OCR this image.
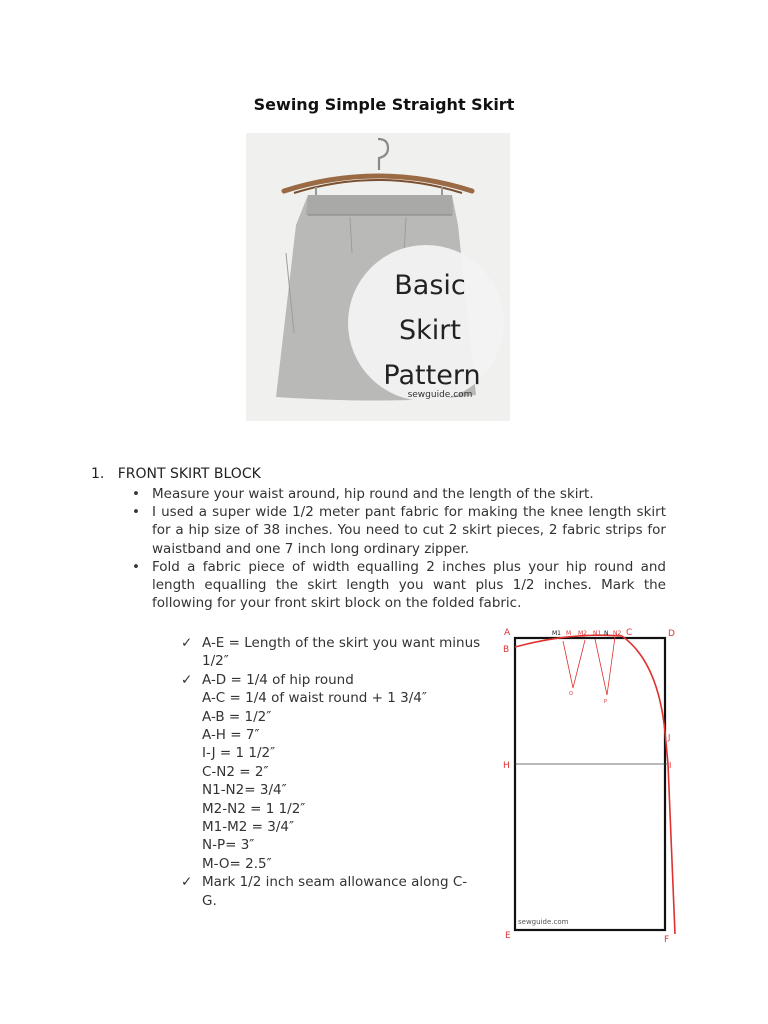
Sewing Simple Straight Skirt
Basic
Skirt
Pattern
sewguide.com
1. FRONT SKIRT BLOCK
• Measure your waist around, hip round and the length of the skirt.
• I used a super wide 1/2 meter pant fabric for making the knee length skirt for a hip size of 38 inches. You need to cut 2 skirt pieces, 2 fabric strips for waistband and one 7 inch long ordinary zipper.
• Fold a fabric piece of width equalling 2 inches plus your hip round and length equalling the skirt length you want plus 1/2 inches. Mark the following for your front skirt block on the folded fabric.
✓ A-E = Length of the skirt you want minus 1/2″
✓ A-D = 1/4 of hip round
A-C = 1/4 of waist round + 1 3/4″
A-B = 1/2″
A-H = 7″
I-J = 1 1/2″
C-N2 = 2″
N1-N2= 3/4″
M2-N2 = 1 1/2″
M1-M2 = 3/4″
N-P= 3″
M-O= 2.5″
✓ Mark 1/2 inch seam allowance along C-G.
A
B
M1 M M2 N1 N N2 C	D
O
P
J
H	I
sewguide.com
E	F
